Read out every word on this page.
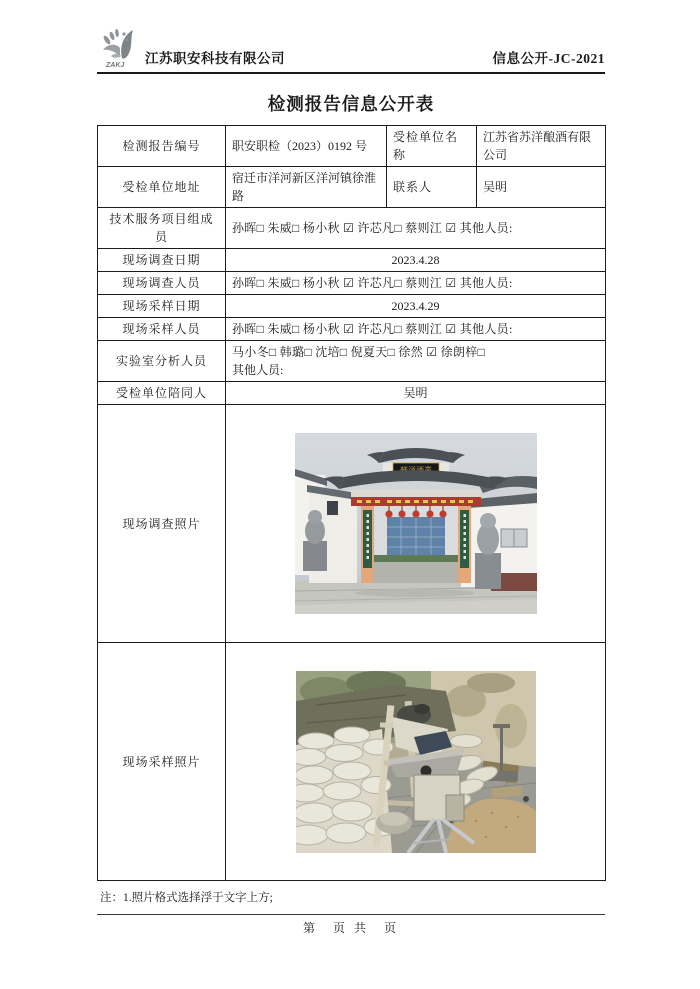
ZAKJ 江苏职安科技有限公司	信息公开-JC-2021
检测报告信息公开表
检测报告编号	职安职检（2023）0192 号	受检单位名称	江苏省苏洋酿酒有限公司
受检单位地址	宿迁市洋河新区洋河镇徐淮路	联系人	吴明
技术服务项目组成员	孙晖□ 朱威□ 杨小秋 ☑ 许芯凡□ 蔡则江 ☑ 其他人员:		
现场调查日期	2023.4.28		
现场调查人员	孙晖□ 朱威□ 杨小秋 ☑ 许芯凡□ 蔡则江 ☑ 其他人员:		
现场采样日期	2023.4.29		
现场采样人员	孙晖□ 朱威□ 杨小秋 ☑ 许芯凡□ 蔡则江 ☑ 其他人员:		
实验室分析人员	马小冬□ 韩璐□ 沈培□ 倪夏天□ 徐然 ☑ 徐朗梓□
其他人员:		

受检单位陪同人	吴明		
现场调查照片	

现场采样照片	
注：1.照片格式选择浮于文字上方;
第　页 共　页
